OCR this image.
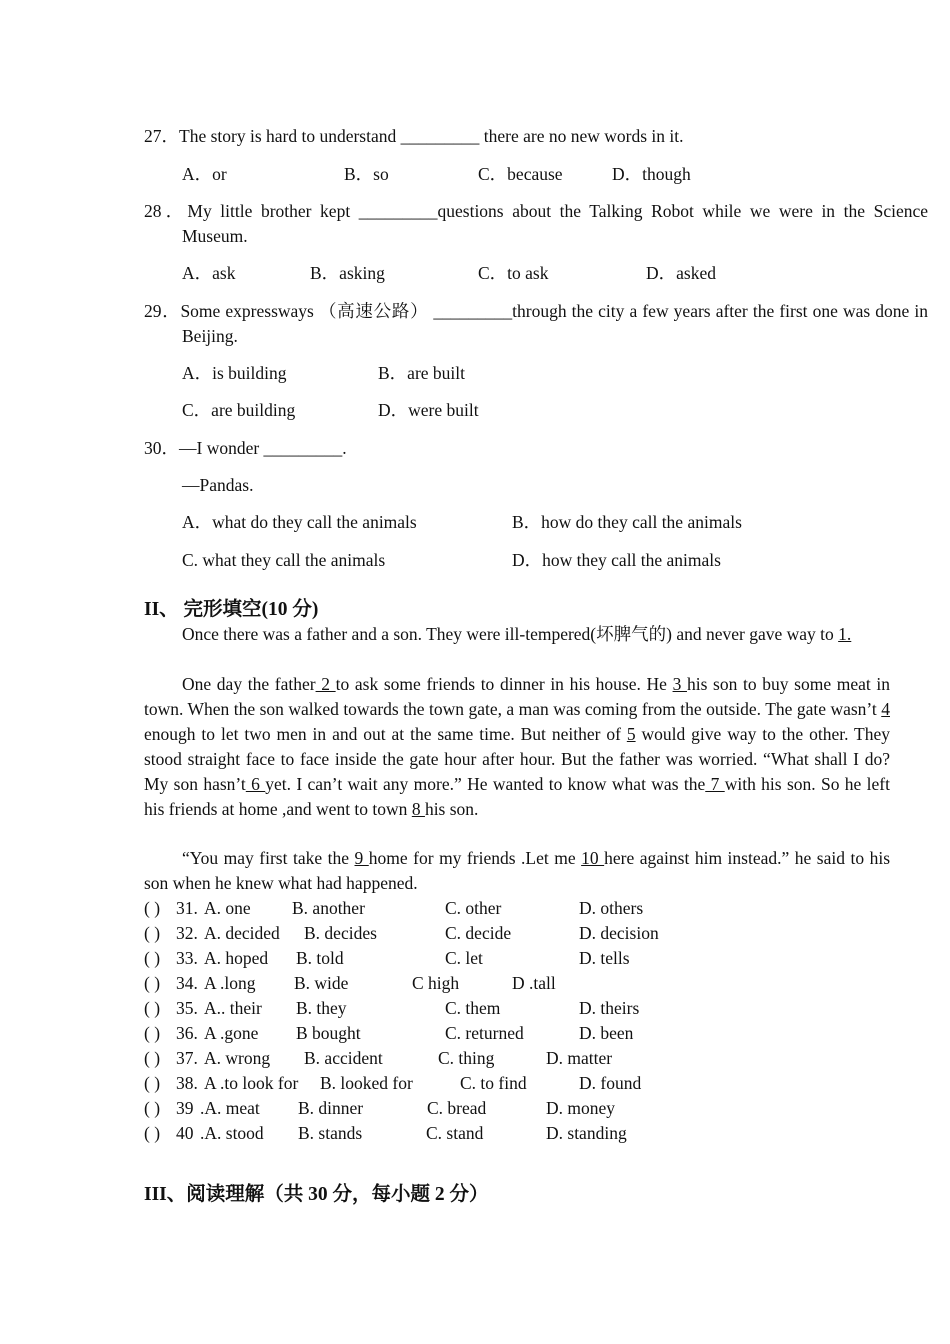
27．The story is hard to understand _________ there are no new words in it.
A．or	B．so	C．because	D．though
28．My little brother kept _________questions about the Talking Robot while we were in the Science Museum.
A．ask	B．asking	C．to ask	D．asked
29．Some expressways （高速公路） _________through the city a few years after the first one was done in Beijing.
A．is building	B．are built
C．are building	D．were built
30．—I wonder _________.
—Pandas.
A．what do they call the animals	B．how do they call the animals
C. what they call the animals	D．how they call the animals
II、 完形填空(10 分)
Once there was a father and a son. They were ill-tempered(坏脾气的) and never gave way to 1.
One day the father 2 to ask some friends to dinner in his house. He 3 his son to buy some meat in town. When the son walked towards the town gate, a man was coming from the outside. The gate wasn’t 4 enough to let two men in and out at the same time. But neither of 5 would give way to the other. They stood straight face to face inside the gate hour after hour. But the father was worried. “What shall I do? My son hasn’t 6 yet. I can’t wait any more.” He wanted to know what was the 7 with his son. So he left his friends at home ,and went to town 8 his son.
“You may first take the 9 home for my friends .Let me 10 here against him instead.” he said to his son when he knew what had happened.
( ) 31. A. one B. another	C. other	D. others
( ) 32. A. decided B. decides	C. decide	D. decision
( ) 33. A. hoped B. told	C. let	D. tells
( ) 34. A .long B. wide	C high	D .tall
( ) 35. A.. their B. they	C. them	D. theirs
( ) 36. A .gone B bought	C. returned	D. been
( ) 37. A. wrong B. accident	C. thing	D. matter
( ) 38. A .to look for B. looked for	C. to find	D. found
( ) 39 .A. meat B. dinner	C. bread	D. money
( ) 40 .A. stood B. stands	C. stand	D. standing
III、阅读理解（共 30 分，每小题 2 分）
